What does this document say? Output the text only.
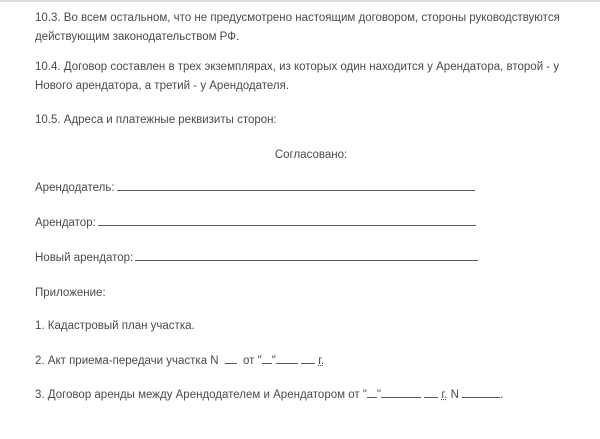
10.3. Во всем остальном, что не предусмотрено настоящим договором, стороны руководствуются
действующим законодательством РФ.
10.4. Договор составлен в трех экземплярах, из которых один находится у Арендатора, второй - у
Нового арендатора, а третий - у Арендодателя.
10.5. Адреса и платежные реквизиты сторон:
Согласовано:
Арендодатель:
Арендатор:
Новый арендатор:
Приложение:
1. Кадастровый план участка.
2. Акт приема-передачи участка N от " "	г.
3. Договор аренды между Арендодателем и Арендатором от " "	г. N	.
